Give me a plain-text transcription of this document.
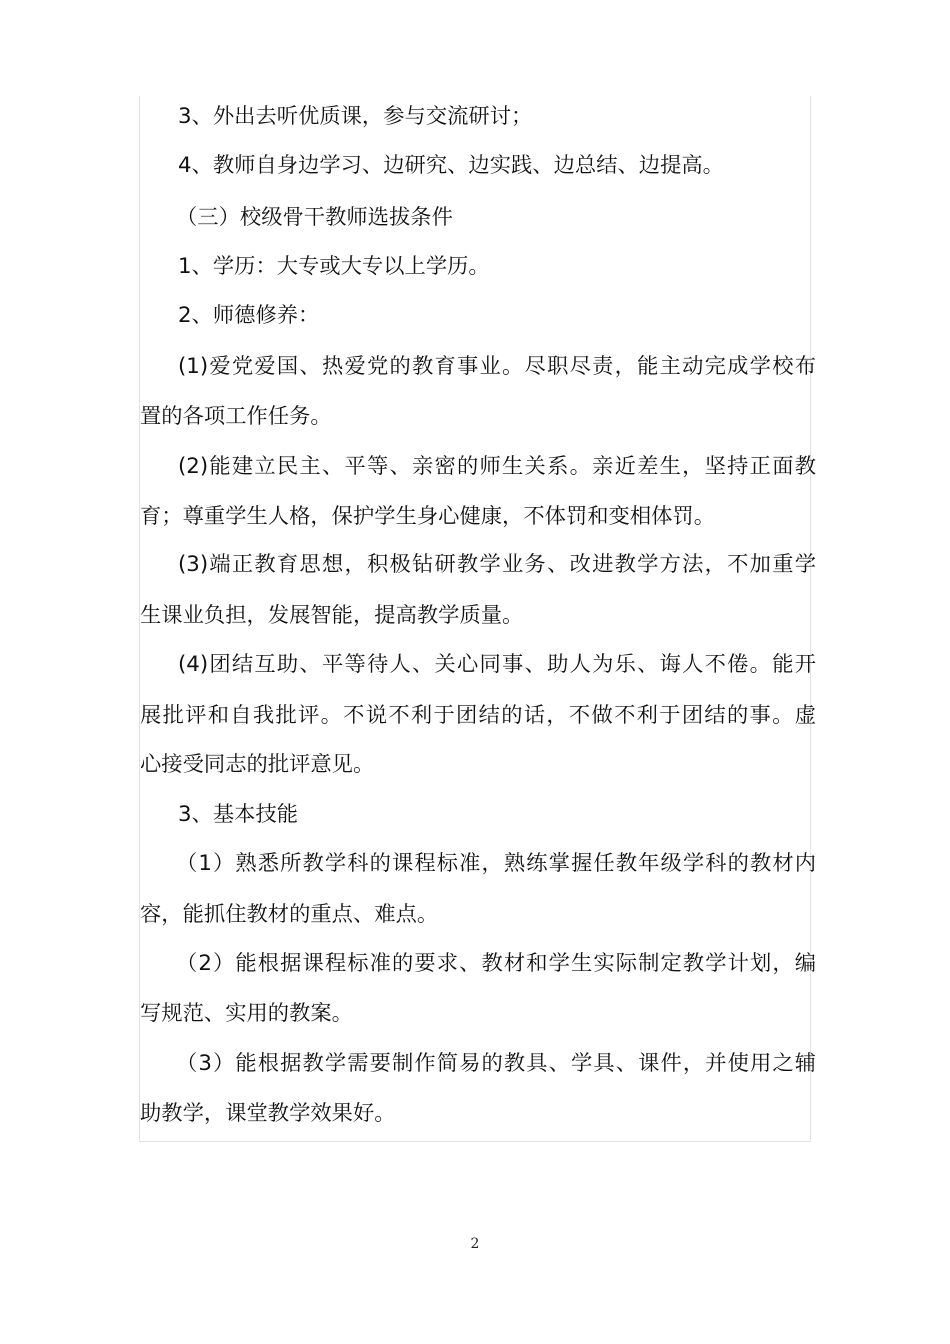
3、外出去听优质课，参与交流研讨；
4、教师自身边学习、边研究、边实践、边总结、边提高。
（三）校级骨干教师选拔条件
1、学历：大专或大专以上学历。
2、师德修养：
(1)爱党爱国、热爱党的教育事业。尽职尽责，能主动完成学校布
置的各项工作任务。
(2)能建立民主、平等、亲密的师生关系。亲近差生，坚持正面教
育；尊重学生人格，保护学生身心健康，不体罚和变相体罚。
(3)端正教育思想，积极钻研教学业务、改进教学方法，不加重学
生课业负担，发展智能，提高教学质量。
(4)团结互助、平等待人、关心同事、助人为乐、诲人不倦。能开
展批评和自我批评。不说不利于团结的话，不做不利于团结的事。虚
心接受同志的批评意见。
3、基本技能
（1）熟悉所教学科的课程标准，熟练掌握任教年级学科的教材内
容，能抓住教材的重点、难点。
（2）能根据课程标准的要求、教材和学生实际制定教学计划，编
写规范、实用的教案。
（3）能根据教学需要制作简易的教具、学具、课件，并使用之辅
助教学，课堂教学效果好。
2
